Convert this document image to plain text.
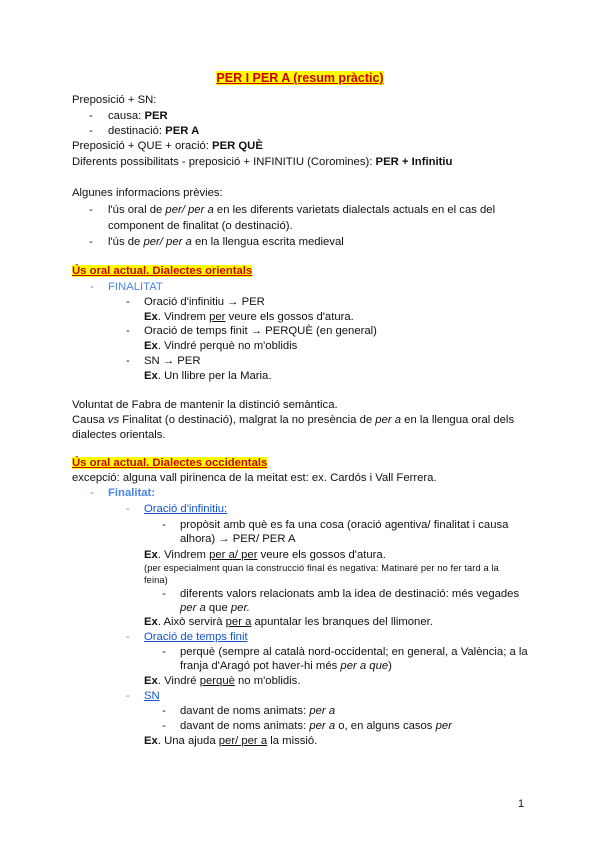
PER I PER A (resum pràctic)
Preposició + SN:
- causa: PER
- destinació: PER A
Preposició + QUE + oració: PER QUÈ
Diferents possibilitats - preposició + INFINITIU (Coromines): PER + Infinitiu
Algunes informacions prèvies:
- l'ús oral de per/ per a en les diferents varietats dialectals actuals en el cas del
component de finalitat (o destinació).
- l'ús de per/ per a en la llengua escrita medieval
Ús oral actual. Dialectes orientals
- FINALITAT
- Oració d'infinitiu → PER
Ex. Vindrem per veure els gossos d'atura.
- Oració de temps finit → PERQUÈ (en general)
Ex. Vindré perquè no m'oblidis
- SN → PER
Ex. Un llibre per la Maria.
Voluntat de Fabra de mantenir la distinció semàntica.
Causa vs Finalitat (o destinació), malgrat la no presència de per a en la llengua oral dels
dialectes orientals.
Ús oral actual. Dialectes occidentals
excepció: alguna vall pirinenca de la meitat est: ex. Cardós i Vall Ferrera.
- Finalitat:
- Oració d'infinitiu:
- propòsit amb què es fa una cosa (oració agentiva/ finalitat i causa
alhora) → PER/ PER A
Ex. Vindrem per a/ per veure els gossos d'atura.
(per especialment quan la construcció final és negativa: Matinaré per no fer tard a la
feina)
- diferents valors relacionats amb la idea de destinació: més vegades
per a que per.
Ex. Això servirà per a apuntalar les branques del llimoner.
- Oració de temps finit
- perquè (sempre al català nord-occidental; en general, a València; a la
franja d'Aragó pot haver-hi més per a que)
Ex. Vindré perquè no m'oblidis.
- SN
- davant de noms animats: per a
- davant de noms animats: per a o, en alguns casos per
Ex. Una ajuda per/ per a la missió.
1
